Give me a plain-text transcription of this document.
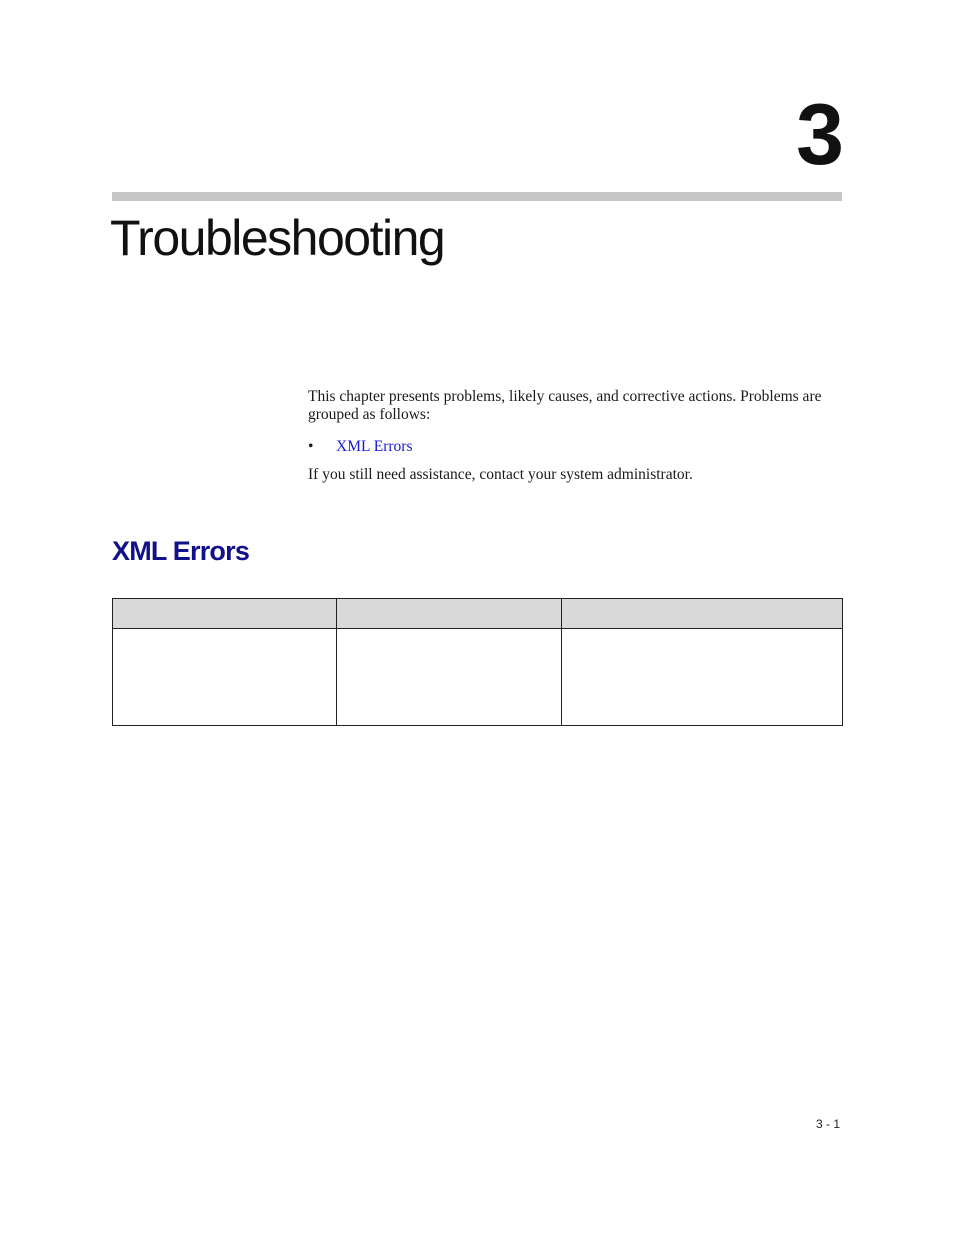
3
Troubleshooting

This chapter presents problems, likely causes, and corrective actions. Problems are grouped as follows:

• XML Errors

If you still need assistance, contact your system administrator.

XML Errors

3 - 1
